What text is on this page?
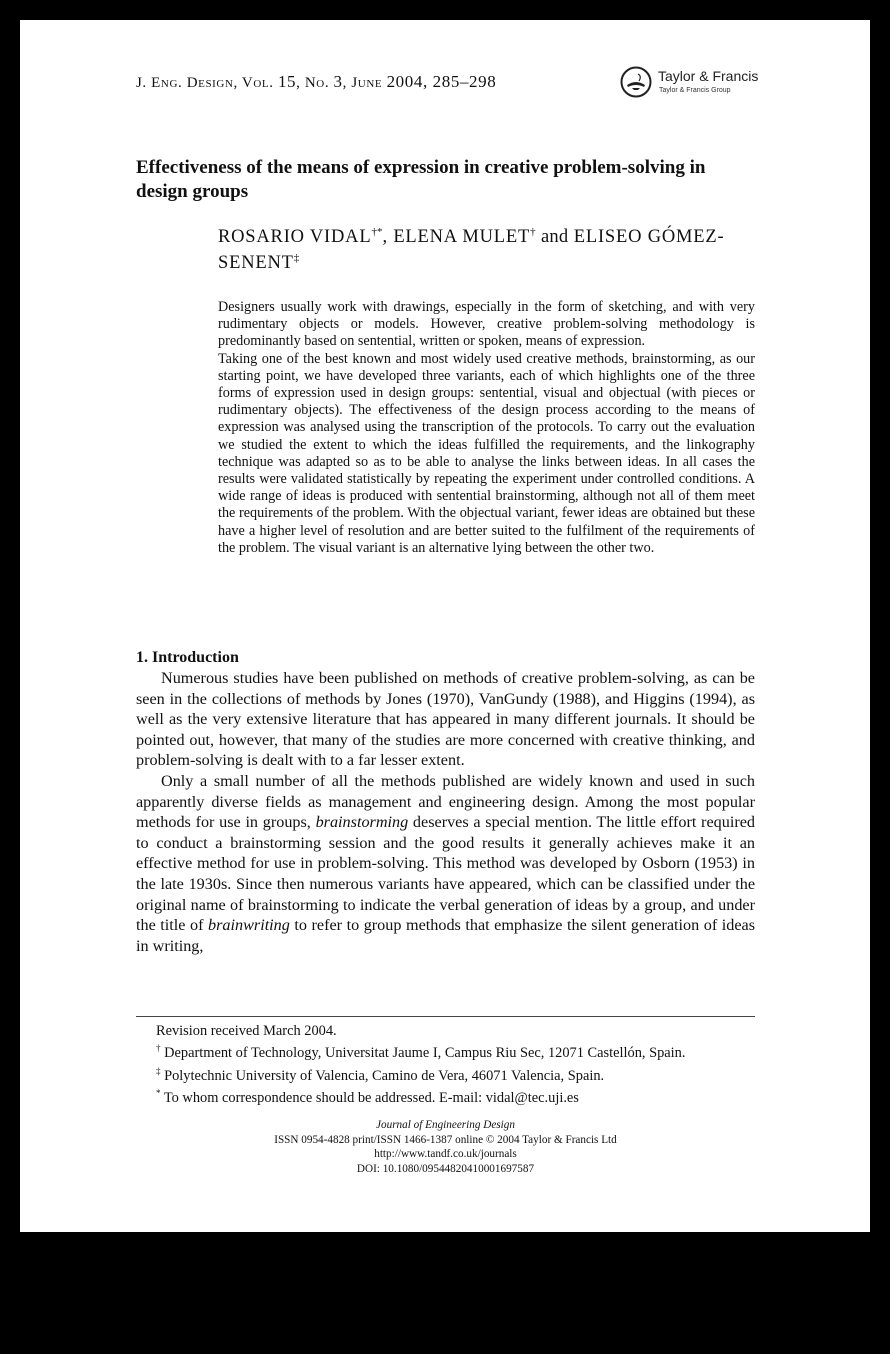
J. Eng. Design, Vol. 15, No. 3, June 2004, 285–298	Taylor & Francis
Taylor & Francis Group
Effectiveness of the means of expression in creative problem-solving in design groups
ROSARIO VIDAL†*, ELENA MULET† and ELISEO GÓMEZ-SENENT‡

Designers usually work with drawings, especially in the form of sketching, and with very rudimentary objects or models. However, creative problem-solving methodology is predominantly based on sentential, written or spoken, means of expression.

Taking one of the best known and most widely used creative methods, brainstorming, as our starting point, we have developed three variants, each of which highlights one of the three forms of expression used in design groups: sentential, visual and objectual (with pieces or rudimentary objects). The effectiveness of the design process according to the means of expression was analysed using the transcription of the protocols. To carry out the evaluation we studied the extent to which the ideas fulfilled the requirements, and the linkography technique was adapted so as to be able to analyse the links between ideas. In all cases the results were validated statistically by repeating the experiment under controlled conditions. A wide range of ideas is produced with sentential brainstorming, although not all of them meet the requirements of the problem. With the objectual variant, fewer ideas are obtained but these have a higher level of resolution and are better suited to the fulfilment of the requirements of the problem. The visual variant is an alternative lying between the other two.

1. Introduction

Numerous studies have been published on methods of creative problem-solving, as can be seen in the collections of methods by Jones (1970), VanGundy (1988), and Higgins (1994), as well as the very extensive literature that has appeared in many different journals. It should be pointed out, however, that many of the studies are more concerned with creative thinking, and problem-solving is dealt with to a far lesser extent.

Only a small number of all the methods published are widely known and used in such apparently diverse fields as management and engineering design. Among the most popular methods for use in groups, brainstorming deserves a special mention. The little effort required to conduct a brainstorming session and the good results it generally achieves make it an effective method for use in problem-solving. This method was developed by Osborn (1953) in the late 1930s. Since then numerous variants have appeared, which can be classified under the original name of brainstorming to indicate the verbal generation of ideas by a group, and under the title of brainwriting to refer to group methods that emphasize the silent generation of ideas in writing,

Revision received March 2004.
† Department of Technology, Universitat Jaume I, Campus Riu Sec, 12071 Castellón, Spain.
‡ Polytechnic University of Valencia, Camino de Vera, 46071 Valencia, Spain.
* To whom correspondence should be addressed. E-mail: vidal@tec.uji.es
Journal of Engineering Design
ISSN 0954-4828 print/ISSN 1466-1387 online © 2004 Taylor & Francis Ltd
http://www.tandf.co.uk/journals
DOI: 10.1080/09544820410001697587
